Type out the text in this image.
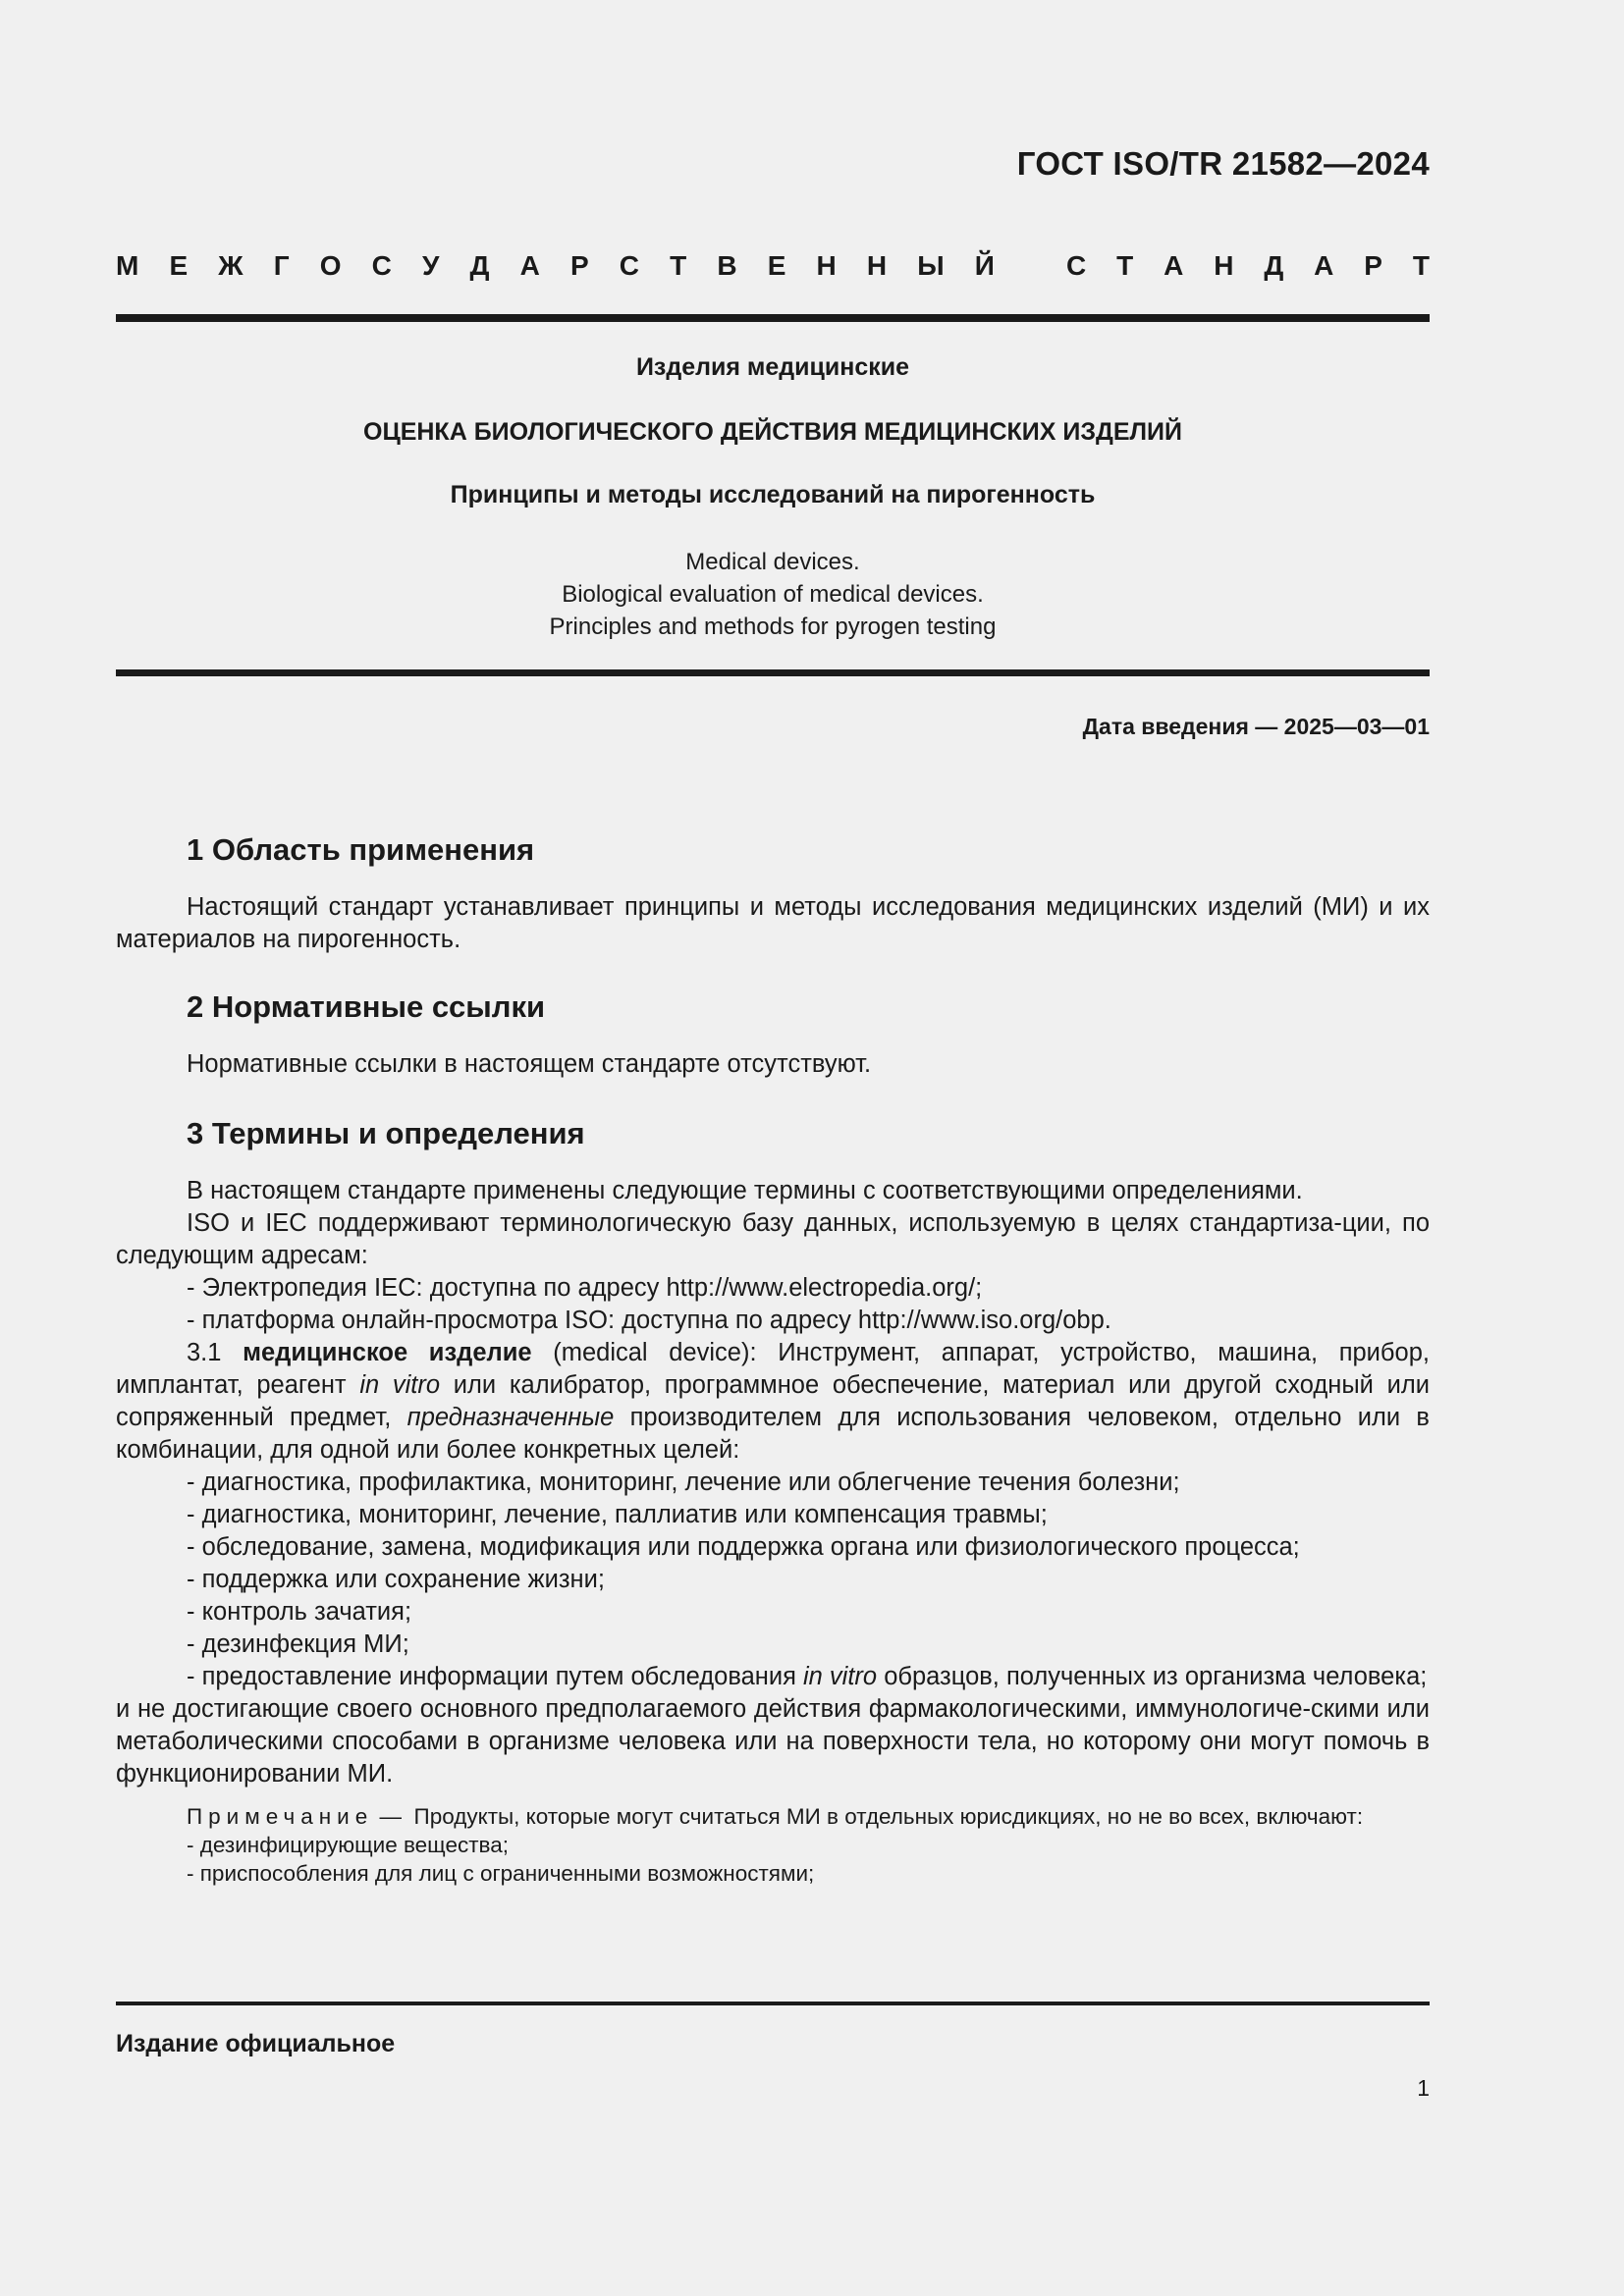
ГОСТ ISO/TR 21582—2024
М Е Ж Г О С У Д А Р С Т В Е Н Н Ы Й	С Т А Н Д А Р Т
Изделия медицинские
ОЦЕНКА БИОЛОГИЧЕСКОГО ДЕЙСТВИЯ МЕДИЦИНСКИХ ИЗДЕЛИЙ
Принципы и методы исследований на пирогенность
Medical devices.
Biological evaluation of medical devices.
Principles and methods for pyrogen testing
Дата введения — 2025—03—01
1 Область применения

Настоящий стандарт устанавливает принципы и методы исследования медицинских изделий (МИ) и их материалов на пирогенность.

2 Нормативные ссылки

Нормативные ссылки в настоящем стандарте отсутствуют.

3 Термины и определения

В настоящем стандарте применены следующие термины с соответствующими определениями.

ISO и IEC поддерживают терминологическую базу данных, используемую в целях стандартиза-ции, по следующим адресам:

- Электропедия IEC: доступна по адресу http://www.electropedia.org/;

- платформа онлайн-просмотра ISO: доступна по адресу http://www.iso.org/obp.

3.1 медицинское изделие (medical device): Инструмент, аппарат, устройство, машина, прибор, имплантат, реагент in vitro или калибратор, программное обеспечение, материал или другой сходный или сопряженный предмет, предназначенные производителем для использования человеком, отдельно или в комбинации, для одной или более конкретных целей:

- диагностика, профилактика, мониторинг, лечение или облегчение течения болезни;

- диагностика, мониторинг, лечение, паллиатив или компенсация травмы;

- обследование, замена, модификация или поддержка органа или физиологического процесса;

- поддержка или сохранение жизни;

- контроль зачатия;

- дезинфекция МИ;

- предоставление информации путем обследования in vitro образцов, полученных из организма человека;

и не достигающие своего основного предполагаемого действия фармакологическими, иммунологиче-скими или метаболическими способами в организме человека или на поверхности тела, но которому они могут помочь в функционировании МИ.

Примечание — Продукты, которые могут считаться МИ в отдельных юрисдикциях, но не во всех, включают:

- дезинфицирующие вещества;

- приспособления для лиц с ограниченными возможностями;

Издание официальное
1
